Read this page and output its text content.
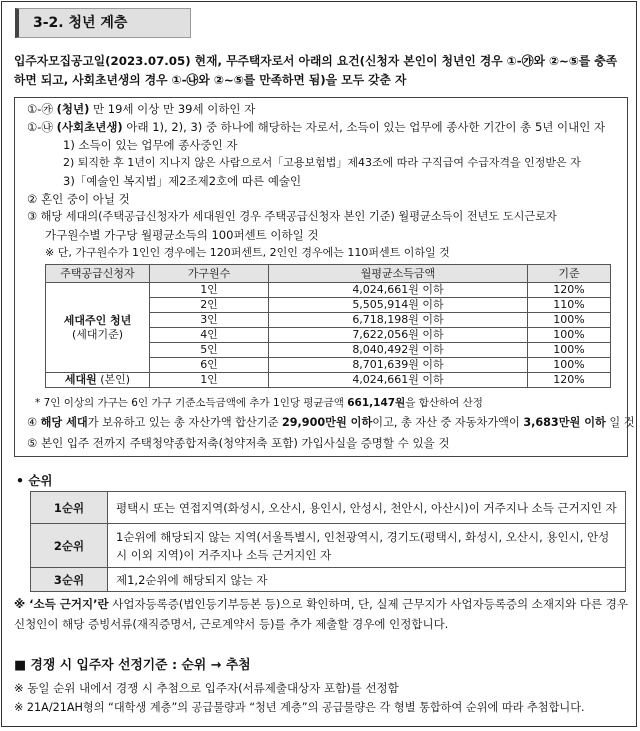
3-2. 청년 계층
입주자모집공고일(2023.07.05) 현재, 무주택자로서 아래의 요건(신청자 본인이 청년인 경우 ①-㉮와 ②~⑤를 충족하면 되고, 사회초년생의 경우 ①-㉯와 ②~⑤를 만족하면 됨)을 모두 갖춘 자
①-㉮ (청년) 만 19세 이상 만 39세 이하인 자
①-㉯ (사회초년생) 아래 1), 2), 3) 중 하나에 해당하는 자로서, 소득이 있는 업무에 종사한 기간이 총 5년 이내인 자
1) 소득이 있는 업무에 종사중인 자
2) 퇴직한 후 1년이 지나지 않은 사람으로서「고용보험법」제43조에 따라 구직급여 수급자격을 인정받은 자
3)「예술인 복지법」제2조제2호에 따른 예술인
② 혼인 중이 아닐 것
③ 해당 세대의(주택공급신청자가 세대원인 경우 주택공급신청자 본인 기준) 월평균소득이 전년도 도시근로자
가구원수별 가구당 월평균소득의 100퍼센트 이하일 것
※ 단, 가구원수가 1인인 경우에는 120퍼센트, 2인인 경우에는 110퍼센트 이하일 것
주택공급신청자	가구원수	월평균소득금액	기준
세대주인 청년
(세대기준)	1인	4,024,661원 이하	120%
	2인	5,505,914원 이하	110%
	3인	6,718,198원 이하	100%
	4인	7,622,056원 이하	100%
	5인	8,040,492원 이하	100%
	6인	8,701,639원 이하	100%
세대원 (본인)	1인	4,024,661원 이하	120%
* 7인 이상의 가구는 6인 가구 기준소득금액에 추가 1인당 평균금액 661,147원을 합산하여 산정
④ 해당 세대가 보유하고 있는 총 자산가액 합산기준 29,900만원 이하이고, 총 자산 중 자동차가액이 3,683만원 이하 일 것
⑤ 본인 입주 전까지 주택청약종합저축(청약저축 포함) 가입사실을 증명할 수 있을 것
• 순위
1순위	평택시 또는 연접지역(화성시, 오산시, 용인시, 안성시, 천안시, 아산시)이 거주지나 소득 근거지인 자
2순위	1순위에 해당되지 않는 지역(서울특별시, 인천광역시, 경기도(평택시, 화성시, 오산시, 용인시, 안성시 이외 지역)이 거주지나 소득 근거지인 자
3순위	제1,2순위에 해당되지 않는 자
※ ‘소득 근거지’란 사업자등록증(법인등기부등본 등)으로 확인하며, 단, 실제 근무지가 사업자등록증의 소재지와 다른 경우 신청인이 해당 증빙서류(재직증명서, 근로계약서 등)를 추가 제출할 경우에 인정합니다.
■ 경쟁 시 입주자 선정기준 : 순위 → 추첨
※ 동일 순위 내에서 경쟁 시 추첨으로 입주자(서류제출대상자 포함)를 선정함
※ 21A/21AH형의 “대학생 계층”의 공급물량과 “청년 계층”의 공급물량은 각 형별 통합하여 순위에 따라 추첨합니다.
